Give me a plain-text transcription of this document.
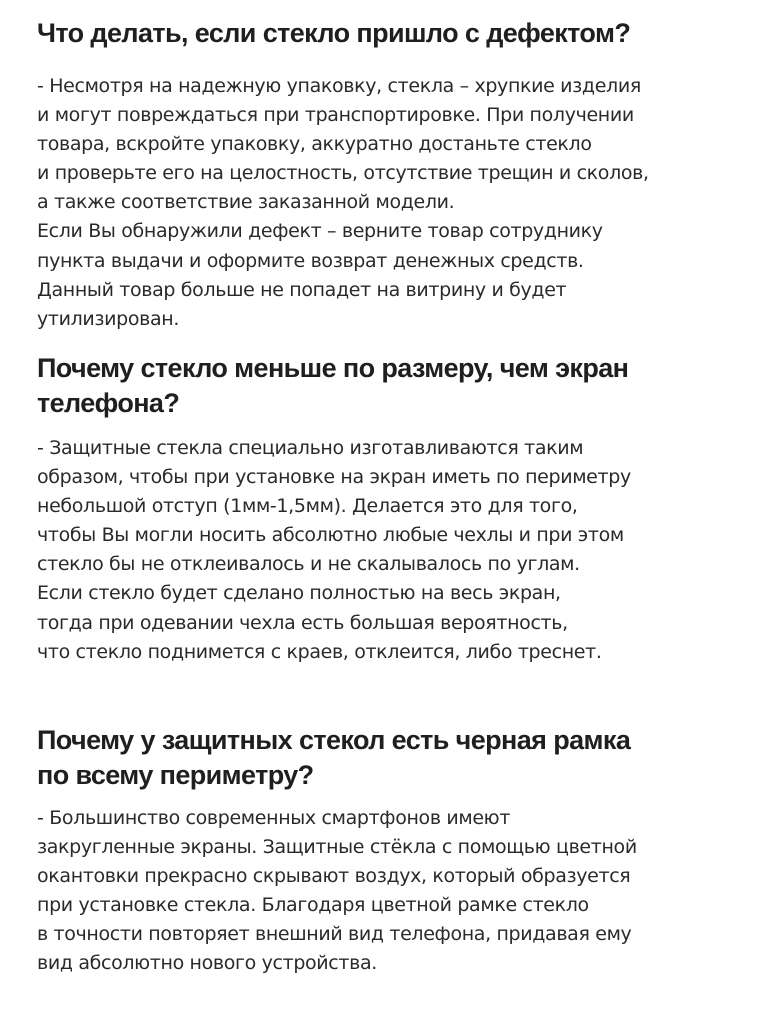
Что делать, если стекло пришло с дефектом?
- Несмотря на надежную упаковку, стекла – хрупкие изделия
и могут повреждаться при транспортировке. При получении
товара, вскройте упаковку, аккуратно достаньте стекло
и проверьте его на целостность, отсутствие трещин и сколов,
а также соответствие заказанной модели.
Если Вы обнаружили дефект – верните товар сотруднику
пункта выдачи и оформите возврат денежных средств.
Данный товар больше не попадет на витрину и будет
утилизирован.
Почему стекло меньше по размеру, чем экран
телефона?
- Защитные стекла специально изготавливаются таким
образом, чтобы при установке на экран иметь по периметру
небольшой отступ (1мм-1,5мм). Делается это для того,
чтобы Вы могли носить абсолютно любые чехлы и при этом
стекло бы не отклеивалось и не скалывалось по углам.
Если стекло будет сделано полностью на весь экран,
тогда при одевании чехла есть большая вероятность,
что стекло поднимется с краев, отклеится, либо треснет.
Почему у защитных стекол есть черная рамка
по всему периметру?
- Большинство современных смартфонов имеют
закругленные экраны. Защитные стёкла с помощью цветной
окантовки прекрасно скрывают воздух, который образуется
при установке стекла. Благодаря цветной рамке стекло
в точности повторяет внешний вид телефона, придавая ему
вид абсолютно нового устройства.
